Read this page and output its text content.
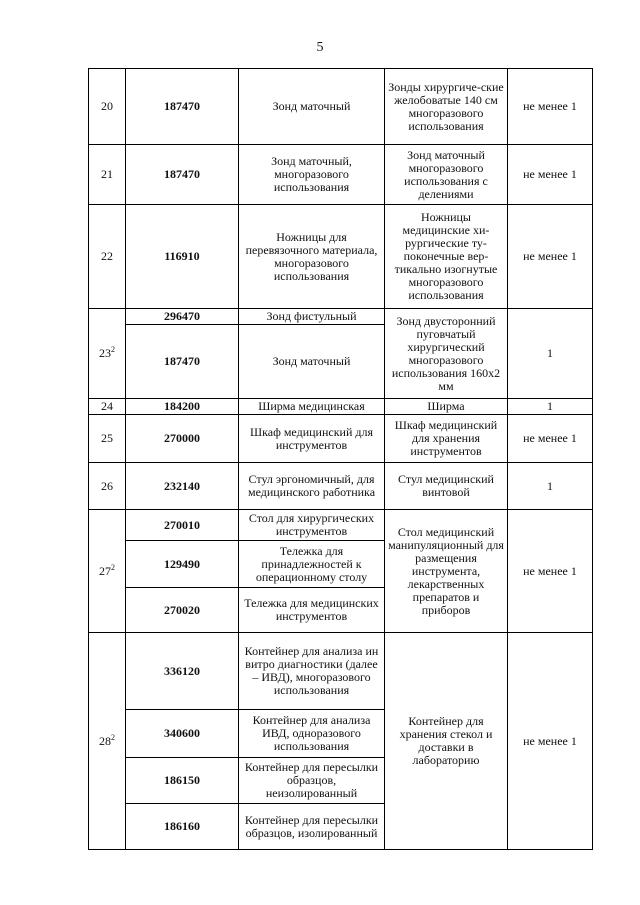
5
20	187470	Зонд маточный	Зонды хирургиче-ские желобоватые 140 см многоразового использования	не менее 1
21	187470	Зонд маточный, многоразового использования	Зонд маточный многоразового использования с делениями	не менее 1
22	116910	Ножницы для перевязочного материала, многоразового использования	Ножницы медицинские хи-рургические ту-поконечные вер-тикально изогнутые многоразового использования	не менее 1
$23^2$	296470	Зонд фистульный	Зонд двусторонний пуговчатый хирургический многоразового использования 160х2 мм	1
	187470	Зонд маточный		
24	184200	Ширма медицинская	Ширма	1
25	270000	Шкаф медицинский для инструментов	Шкаф медицинский для хранения инструментов	не менее 1
26	232140	Стул эргономичный, для медицинского работника	Стул медицинский винтовой	1
$27^2$	270010	Стол для хирургических инструментов	Стол медицинский манипуляционный для размещения инструмента, лекарственных препаратов и приборов	не менее 1
	129490	Тележка для принадлежностей к операционному столу		
	270020	Тележка для медицинских инструментов		
$28^2$	336120	Контейнер для анализа ин витро диагностики (далее – ИВД), многоразового использования	Контейнер для хранения стекол и доставки в лабораторию	не менее 1
	340600	Контейнер для анализа ИВД, одноразового использования		
	186150	Контейнер для пересылки образцов, неизолированный		
	186160	Контейнер для пересылки образцов, изолированный		
